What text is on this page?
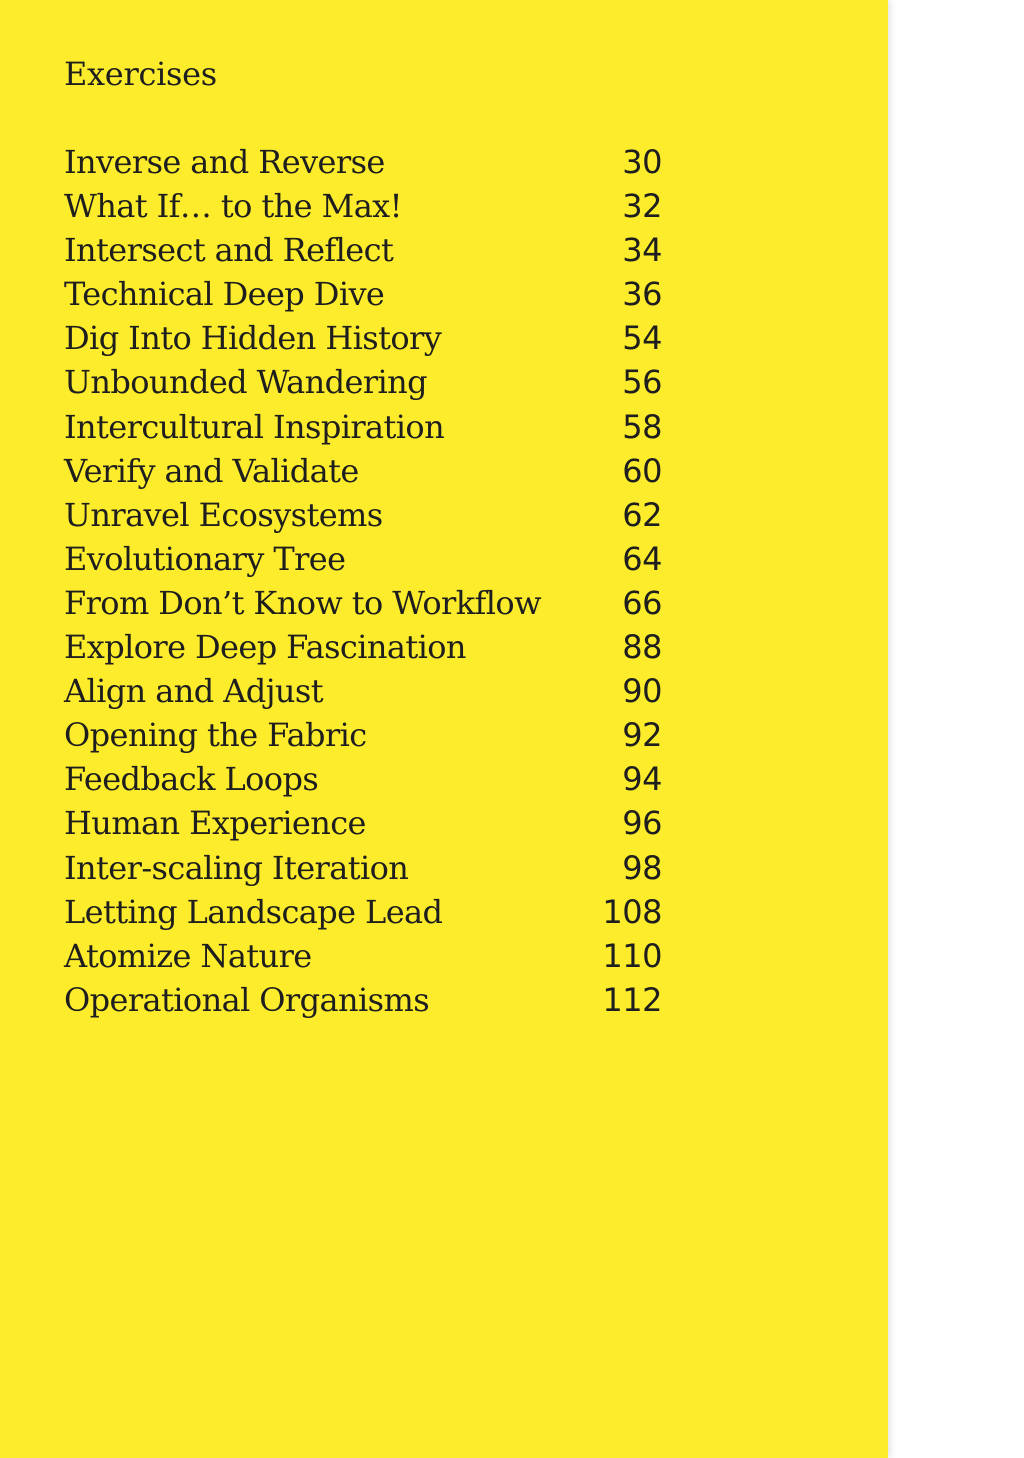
Exercises
Inverse and Reverse	30
What If… to the Max!	32
Intersect and Reflect	34
Technical Deep Dive	36
Dig Into Hidden History	54
Unbounded Wandering	56
Intercultural Inspiration	58
Verify and Validate	60
Unravel Ecosystems	62
Evolutionary Tree	64
From Don’t Know to Workflow	66
Explore Deep Fascination	88
Align and Adjust	90
Opening the Fabric	92
Feedback Loops	94
Human Experience	96
Inter-scaling Iteration	98
Letting Landscape Lead	108
Atomize Nature	110
Operational Organisms	112
